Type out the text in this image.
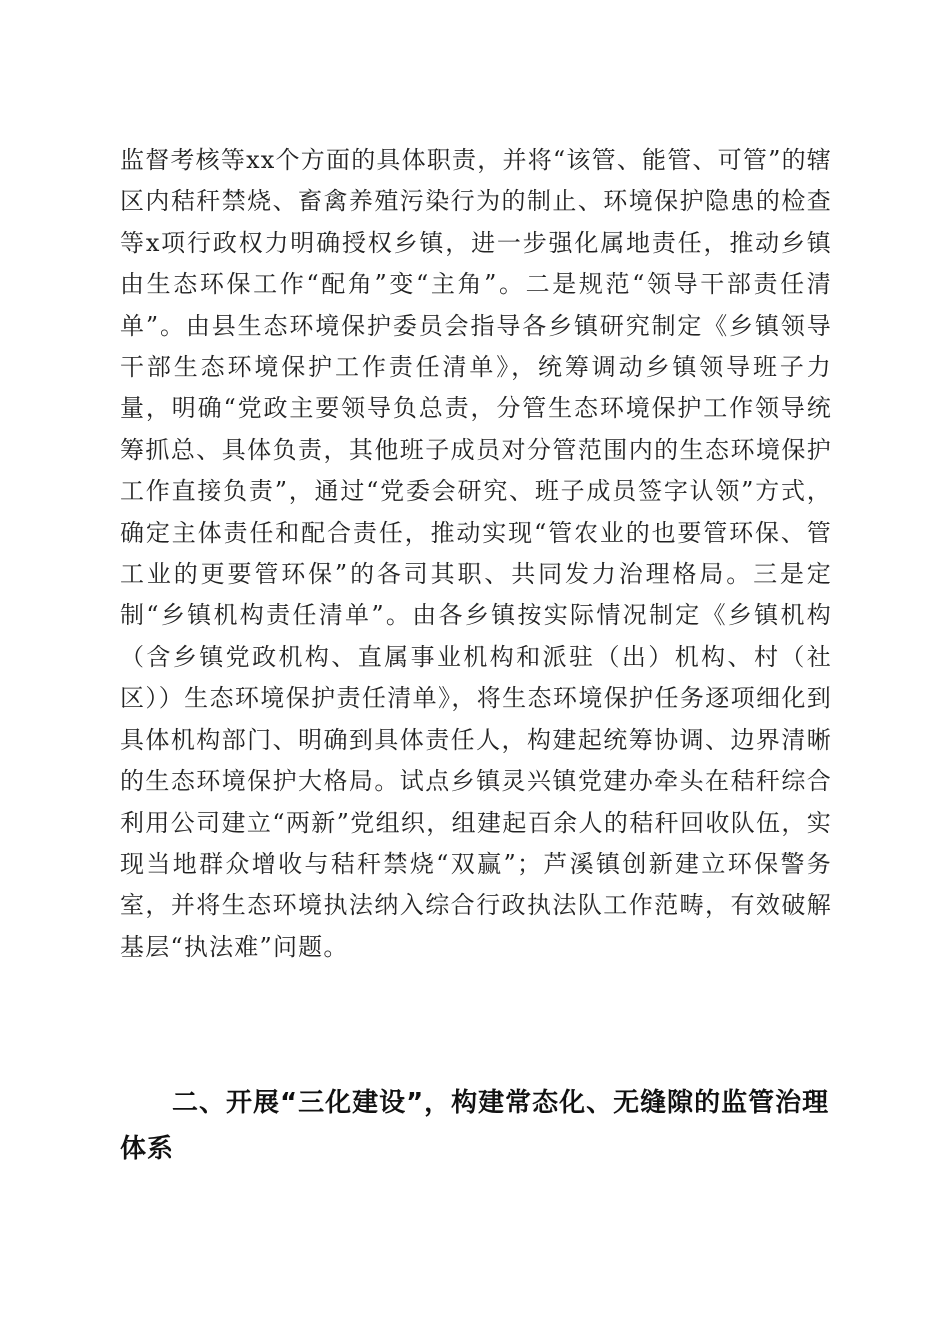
监督考核等xx个方面的具体职责，并将“该管、能管、可管”的辖区内秸秆禁烧、畜禽养殖污染行为的制止、环境保护隐患的检查等x项行政权力明确授权乡镇，进一步强化属地责任，推动乡镇由生态环保工作“配角”变“主角”。二是规范“领导干部责任清单”。由县生态环境保护委员会指导各乡镇研究制定《乡镇领导干部生态环境保护工作责任清单》，统筹调动乡镇领导班子力量，明确“党政主要领导负总责，分管生态环境保护工作领导统筹抓总、具体负责，其他班子成员对分管范围内的生态环境保护工作直接负责”，通过“党委会研究、班子成员签字认领”方式，确定主体责任和配合责任，推动实现“管农业的也要管环保、管工业的更要管环保”的各司其职、共同发力治理格局。三是定制“乡镇机构责任清单”。由各乡镇按实际情况制定《乡镇机构（含乡镇党政机构、直属事业机构和派驻（出）机构、村（社区））生态环境保护责任清单》，将生态环境保护任务逐项细化到具体机构部门、明确到具体责任人，构建起统筹协调、边界清晰的生态环境保护大格局。试点乡镇灵兴镇党建办牵头在秸秆综合利用公司建立“两新”党组织，组建起百余人的秸秆回收队伍，实现当地群众增收与秸秆禁烧“双赢”；芦溪镇创新建立环保警务室，并将生态环境执法纳入综合行政执法队工作范畴，有效破解基层“执法难”问题。
二、开展“三化建设”，构建常态化、无缝隙的监管治理体系
